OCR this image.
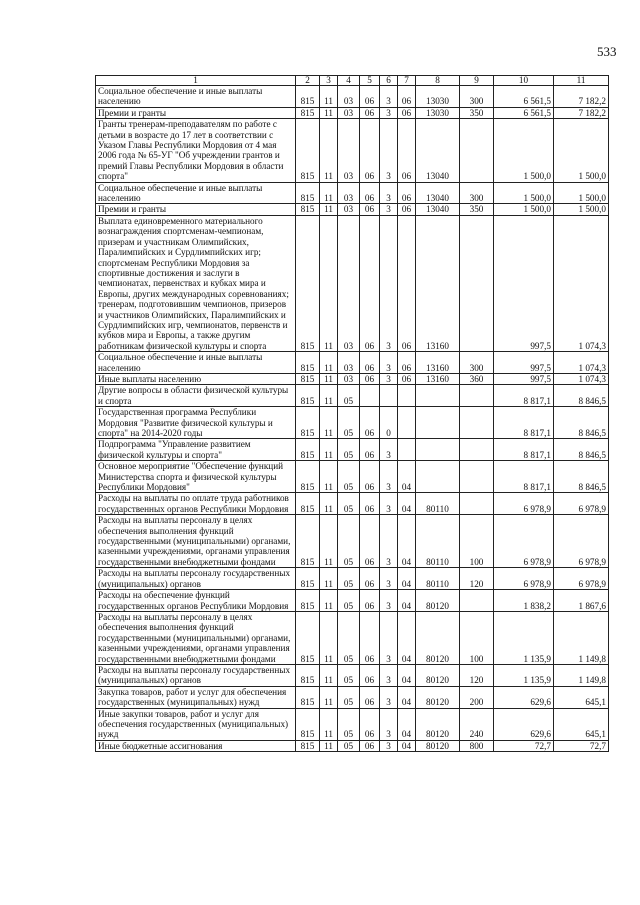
533
1	2	3	4	5	6	7	8	9	10	11
Социальное обеспечение и иные выплаты населению	815	11	03	06	3	06	13030	300	6 561,5	7 182,2
Премии и гранты	815	11	03	06	3	06	13030	350	6 561,5	7 182,2
Гранты тренерам-преподавателям по работе с детьми в возрасте до 17 лет в соответствии с Указом Главы Республики Мордовия от 4 мая 2006 года № 65-УГ "Об учреждении грантов и премий Главы Республики Мордовия в области спорта"	815	11	03	06	3	06	13040		1 500,0	1 500,0
Социальное обеспечение и иные выплаты населению	815	11	03	06	3	06	13040	300	1 500,0	1 500,0
Премии и гранты	815	11	03	06	3	06	13040	350	1 500,0	1 500,0
Выплата единовременного материального вознаграждения спортсменам-чемпионам, призерам и участникам Олимпийских, Паралимпийских и Сурдлимпийских игр; спортсменам Республики Мордовия за спортивные достижения и заслуги в чемпионатах, первенствах и кубках мира и Европы, других международных соревнованиях; тренерам, подготовившим чемпионов, призеров и участников Олимпийских, Паралимпийских и Сурдлимпийских игр, чемпионатов, первенств и кубков мира и Европы, а также другим работникам физической культуры и спорта	815	11	03	06	3	06	13160		997,5	1 074,3
Социальное обеспечение и иные выплаты населению	815	11	03	06	3	06	13160	300	997,5	1 074,3
Иные выплаты населению	815	11	03	06	3	06	13160	360	997,5	1 074,3
Другие вопросы в области физической культуры и спорта	815	11	05						8 817,1	8 846,5
Государственная программа Республики Мордовия "Развитие физической культуры и спорта" на 2014-2020 годы	815	11	05	06	0				8 817,1	8 846,5
Подпрограмма "Управление развитием физической культуры и спорта"	815	11	05	06	3				8 817,1	8 846,5
Основное мероприятие "Обеспечение функций Министерства спорта и физической культуры Республики Мордовия"	815	11	05	06	3	04			8 817,1	8 846,5
Расходы на выплаты по оплате труда работников государственных органов Республики Мордовия	815	11	05	06	3	04	80110		6 978,9	6 978,9
Расходы на выплаты персоналу в целях обеспечения выполнения функций государственными (муниципальными) органами, казенными учреждениями, органами управления государственными внебюджетными фондами	815	11	05	06	3	04	80110	100	6 978,9	6 978,9
Расходы на выплаты персоналу государственных (муниципальных) органов	815	11	05	06	3	04	80110	120	6 978,9	6 978,9
Расходы на обеспечение функций государственных органов Республики Мордовия	815	11	05	06	3	04	80120		1 838,2	1 867,6
Расходы на выплаты персоналу в целях обеспечения выполнения функций государственными (муниципальными) органами, казенными учреждениями, органами управления государственными внебюджетными фондами	815	11	05	06	3	04	80120	100	1 135,9	1 149,8
Расходы на выплаты персоналу государственных (муниципальных) органов	815	11	05	06	3	04	80120	120	1 135,9	1 149,8
Закупка товаров, работ и услуг для обеспечения государственных (муниципальных) нужд	815	11	05	06	3	04	80120	200	629,6	645,1
Иные закупки товаров, работ и услуг для обеспечения государственных (муниципальных) нужд	815	11	05	06	3	04	80120	240	629,6	645,1
Иные бюджетные ассигнования	815	11	05	06	3	04	80120	800	72,7	72,7
